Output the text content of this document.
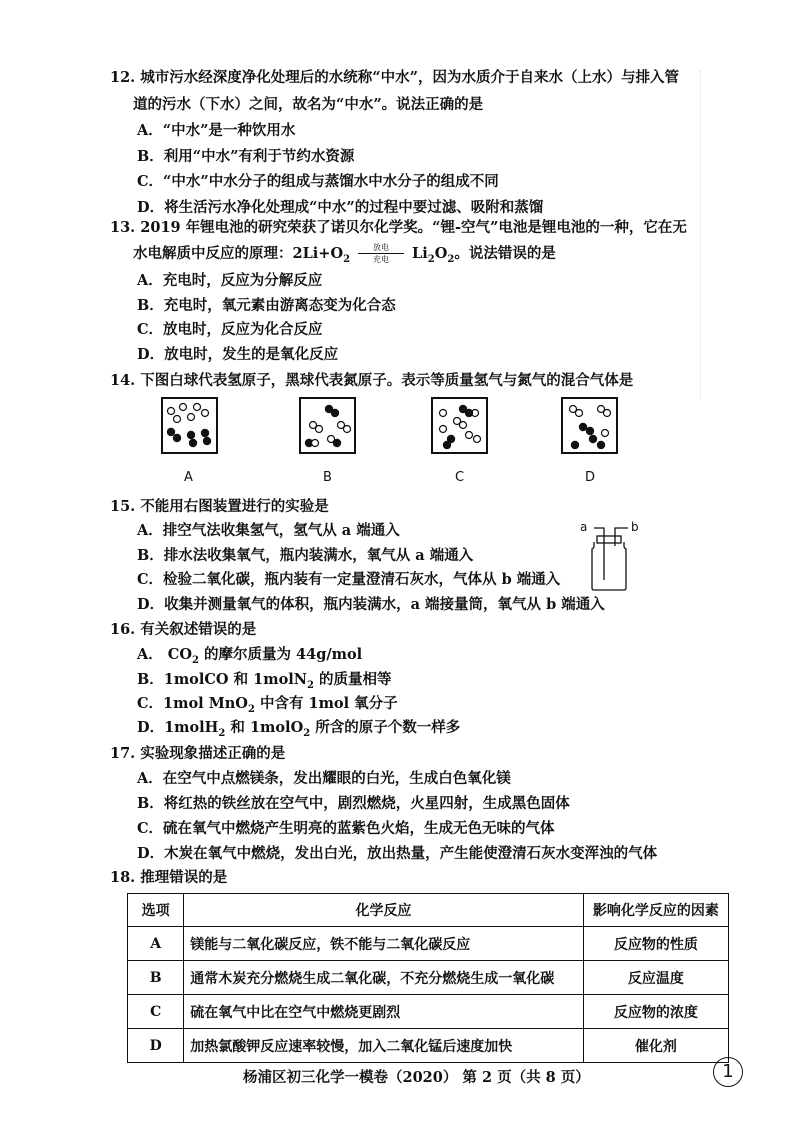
12. 城市污水经深度净化处理后的水统称“中水”，因为水质介于自来水（上水）与排入管
道的污水（下水）之间，故名为“中水”。说法正确的是
A．“中水”是一种饮用水
B．利用“中水”有利于节约水资源
C．“中水”中水分子的组成与蒸馏水中水分子的组成不同
D．将生活污水净化处理成“中水”的过程中要过滤、吸附和蒸馏
13. 2019 年锂电池的研究荣获了诺贝尔化学奖。“锂-空气”电池是锂电池的一种，它在无
水电解质中反应的原理：$2Li+O_2$
放电
充电	$Li_2O_2$。说法错误的是
A．充电时，反应为分解反应
B．充电时，氧元素由游离态变为化合态
C．放电时，反应为化合反应
D．放电时，发生的是氧化反应
14. 下图白球代表氢原子，黑球代表氮原子。表示等质量氢气与氮气的混合气体是
A	B	C	D
15. 不能用右图装置进行的实验是
A．排空气法收集氢气，氢气从 a 端通入
B．排水法收集氧气，瓶内装满水，氧气从 a 端通入
C．检验二氧化碳，瓶内装有一定量澄清石灰水，气体从 b 端通入
D．收集并测量氧气的体积，瓶内装满水，a 端接量筒，氧气从 b 端通入
a	b
16. 有关叙述错误的是
A． $CO_2$ 的摩尔质量为 44g/mol
B．1molCO 和 1molN$_2$ 的质量相等
C．1mol MnO$_2$ 中含有 1mol 氧分子
D．1molH$_2$ 和 1molO$_2$ 所含的原子个数一样多
17. 实验现象描述正确的是
A．在空气中点燃镁条，发出耀眼的白光，生成白色氧化镁
B．将红热的铁丝放在空气中，剧烈燃烧，火星四射，生成黑色固体
C．硫在氧气中燃烧产生明亮的蓝紫色火焰，生成无色无味的气体
D．木炭在氧气中燃烧，发出白光，放出热量，产生能使澄清石灰水变浑浊的气体
18. 推理错误的是
选项	化学反应	影响化学反应的因素
A	镁能与二氧化碳反应，铁不能与二氧化碳反应	反应物的性质
B	通常木炭充分燃烧生成二氧化碳，不充分燃烧生成一氧化碳	反应温度
C	硫在氧气中比在空气中燃烧更剧烈	反应物的浓度
D	加热氯酸钾反应速率较慢，加入二氧化锰后速度加快	催化剂
杨浦区初三化学一模卷（2020） 第 2 页（共 8 页）	1
